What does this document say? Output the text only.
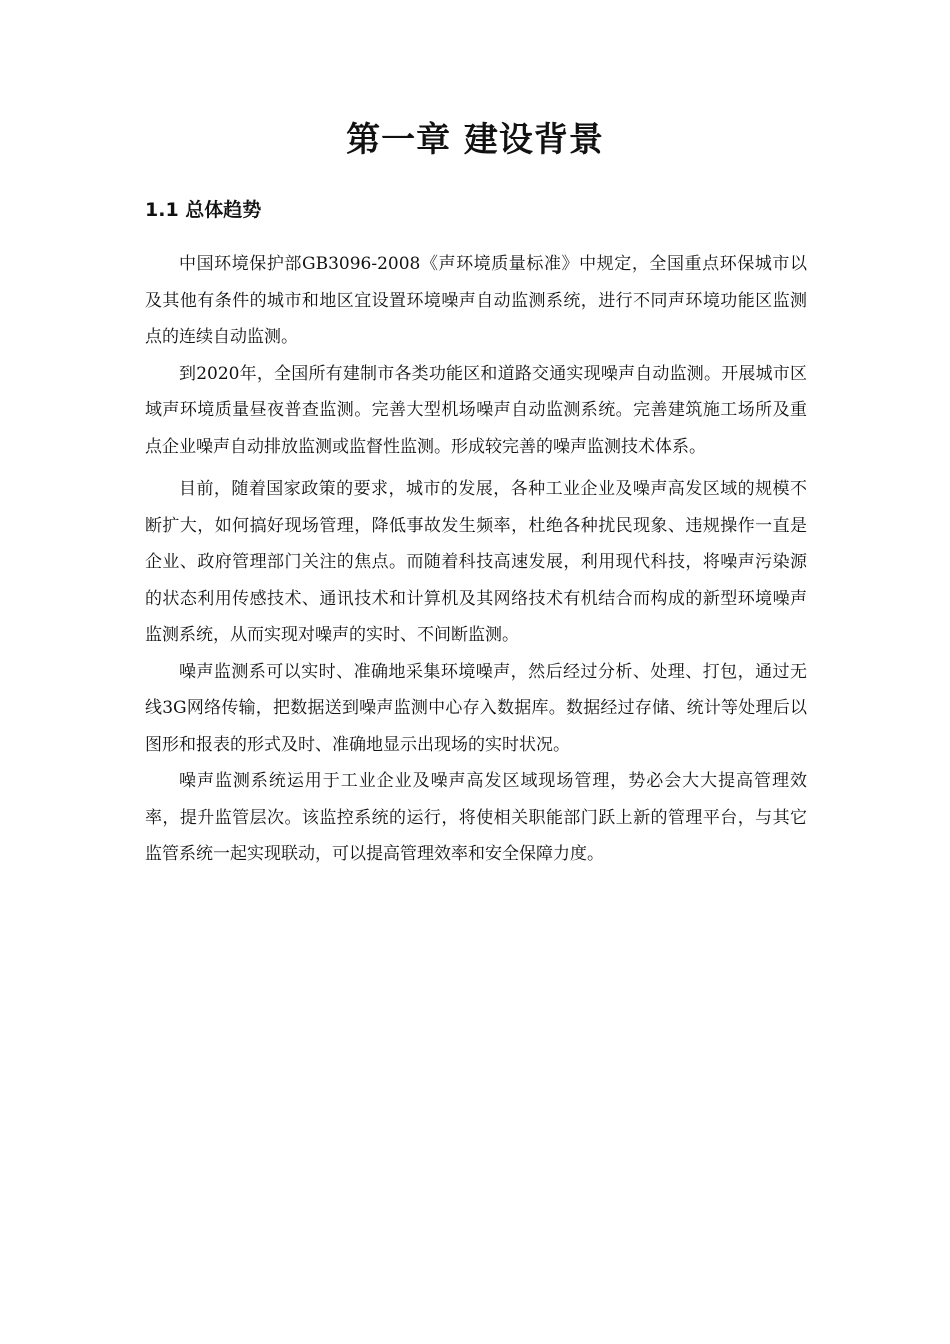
第一章 建设背景
1.1 总体趋势

中国环境保护部GB3096-2008《声环境质量标准》中规定，全国重点环保城市以及其他有条件的城市和地区宜设置环境噪声自动监测系统，进行不同声环境功能区监测点的连续自动监测。

到2020年，全国所有建制市各类功能区和道路交通实现噪声自动监测。开展城市区域声环境质量昼夜普查监测。完善大型机场噪声自动监测系统。完善建筑施工场所及重点企业噪声自动排放监测或监督性监测。形成较完善的噪声监测技术体系。

目前，随着国家政策的要求，城市的发展，各种工业企业及噪声高发区域的规模不断扩大，如何搞好现场管理，降低事故发生频率，杜绝各种扰民现象、违规操作一直是企业、政府管理部门关注的焦点。而随着科技高速发展，利用现代科技，将噪声污染源的状态利用传感技术、通讯技术和计算机及其网络技术有机结合而构成的新型环境噪声监测系统，从而实现对噪声的实时、不间断监测。

噪声监测系可以实时、准确地采集环境噪声，然后经过分析、处理、打包，通过无线3G网络传输，把数据送到噪声监测中心存入数据库。数据经过存储、统计等处理后以图形和报表的形式及时、准确地显示出现场的实时状况。

噪声监测系统运用于工业企业及噪声高发区域现场管理，势必会大大提高管理效率，提升监管层次。该监控系统的运行，将使相关职能部门跃上新的管理平台，与其它监管系统一起实现联动，可以提高管理效率和安全保障力度。
